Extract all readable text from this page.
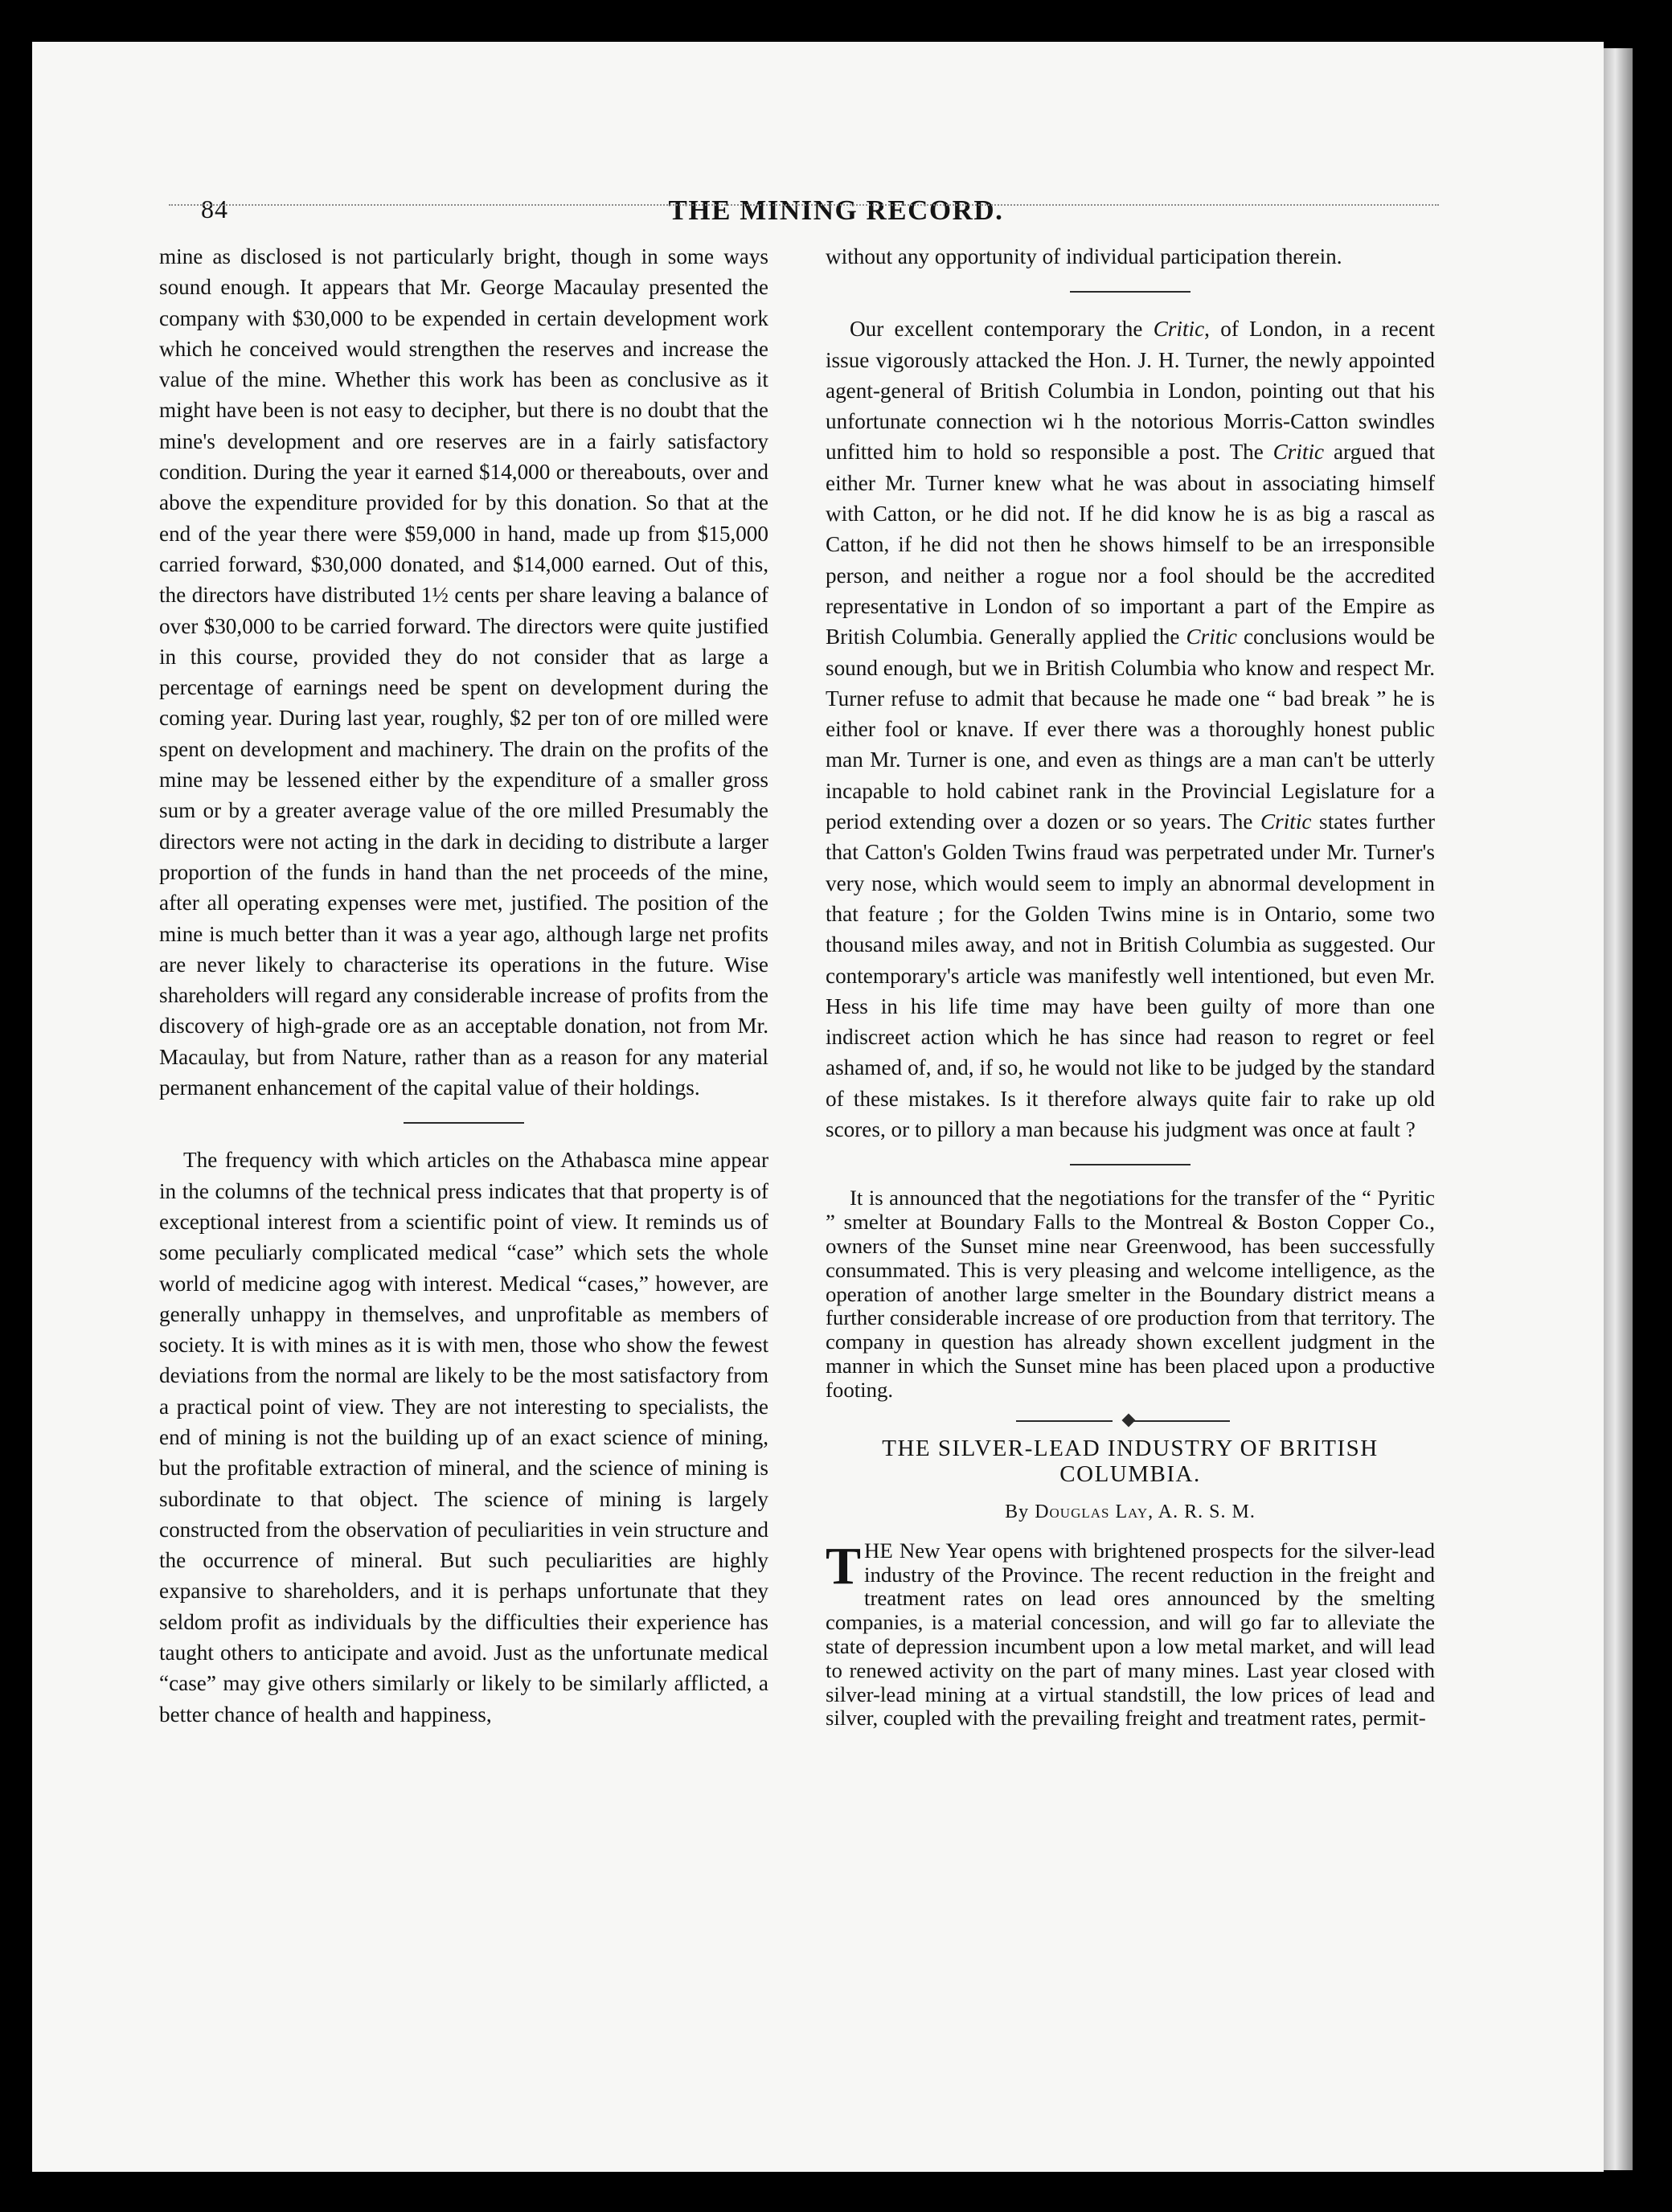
84	THE MINING RECORD.

mine as disclosed is not particularly bright, though in some ways sound enough. It appears that Mr. George Macaulay presented the company with $30,000 to be expended in certain development work which he conceived would strengthen the reserves and increase the value of the mine. Whether this work has been as conclusive as it might have been is not easy to decipher, but there is no doubt that the mine's development and ore reserves are in a fairly satisfactory condition. During the year it earned $14,000 or thereabouts, over and above the expenditure provided for by this donation. So that at the end of the year there were $59,000 in hand, made up from $15,000 carried forward, $30,000 donated, and $14,000 earned. Out of this, the directors have distributed 1½ cents per share leaving a balance of over $30,000 to be carried forward. The directors were quite justified in this course, provided they do not consider that as large a percentage of earnings need be spent on development during the coming year. During last year, roughly, $2 per ton of ore milled were spent on development and machinery. The drain on the profits of the mine may be lessened either by the expenditure of a smaller gross sum or by a greater average value of the ore milled Presumably the directors were not acting in the dark in deciding to distribute a larger proportion of the funds in hand than the net proceeds of the mine, after all operating expenses were met, justified. The position of the mine is much better than it was a year ago, although large net profits are never likely to characterise its operations in the future. Wise shareholders will regard any considerable increase of profits from the discovery of high-grade ore as an acceptable donation, not from Mr. Macaulay, but from Nature, rather than as a reason for any material permanent enhancement of the capital value of their holdings.

The frequency with which articles on the Athabasca mine appear in the columns of the technical press indicates that that property is of exceptional interest from a scientific point of view. It reminds us of some peculiarly complicated medical “case” which sets the whole world of medicine agog with interest. Medical “cases,” however, are generally unhappy in themselves, and unprofitable as members of society. It is with mines as it is with men, those who show the fewest deviations from the normal are likely to be the most satisfactory from a practical point of view. They are not interesting to specialists, the end of mining is not the building up of an exact science of mining, but the profitable extraction of mineral, and the science of mining is subordinate to that object. The science of mining is largely constructed from the observation of peculiarities in vein structure and the occurrence of mineral. But such peculiarities are highly expansive to shareholders, and it is perhaps unfortunate that they seldom profit as individuals by the difficulties their experience has taught others to anticipate and avoid. Just as the unfortunate medical “case” may give others similarly or likely to be similarly afflicted, a better chance of health and happiness,

without any opportunity of individual participation therein.

Our excellent contemporary the Critic, of London, in a recent issue vigorously attacked the Hon. J. H. Turner, the newly appointed agent-general of British Columbia in London, pointing out that his unfortunate connection wi h the notorious Morris-Catton swindles unfitted him to hold so responsible a post. The Critic argued that either Mr. Turner knew what he was about in associating himself with Catton, or he did not. If he did know he is as big a rascal as Catton, if he did not then he shows himself to be an irresponsible person, and neither a rogue nor a fool should be the accredited representative in London of so important a part of the Empire as British Columbia. Generally applied the Critic conclusions would be sound enough, but we in British Columbia who know and respect Mr. Turner refuse to admit that because he made one “ bad break ” he is either fool or knave. If ever there was a thoroughly honest public man Mr. Turner is one, and even as things are a man can't be utterly incapable to hold cabinet rank in the Provincial Legislature for a period extending over a dozen or so years. The Critic states further that Catton's Golden Twins fraud was perpetrated under Mr. Turner's very nose, which would seem to imply an abnormal development in that feature ; for the Golden Twins mine is in Ontario, some two thousand miles away, and not in British Columbia as suggested. Our contemporary's article was manifestly well intentioned, but even Mr. Hess in his life time may have been guilty of more than one indiscreet action which he has since had reason to regret or feel ashamed of, and, if so, he would not like to be judged by the standard of these mistakes. Is it therefore always quite fair to rake up old scores, or to pillory a man because his judgment was once at fault ?

It is announced that the negotiations for the transfer of the “ Pyritic ” smelter at Boundary Falls to the Montreal & Boston Copper Co., owners of the Sunset mine near Greenwood, has been successfully consummated. This is very pleasing and welcome intelligence, as the operation of another large smelter in the Boundary district means a further considerable increase of ore production from that territory. The company in question has already shown excellent judgment in the manner in which the Sunset mine has been placed upon a productive footing.

THE SILVER-LEAD INDUSTRY OF BRITISH COLUMBIA.
By Douglas Lay, A. R. S. M.

THE New Year opens with brightened prospects for the silver-lead industry of the Province. The recent reduction in the freight and treatment rates on lead ores announced by the smelting companies, is a material concession, and will go far to alleviate the state of depression incumbent upon a low metal market, and will lead to renewed activity on the part of many mines. Last year closed with silver-lead mining at a virtual standstill, the low prices of lead and silver, coupled with the prevailing freight and treatment rates, permit-
